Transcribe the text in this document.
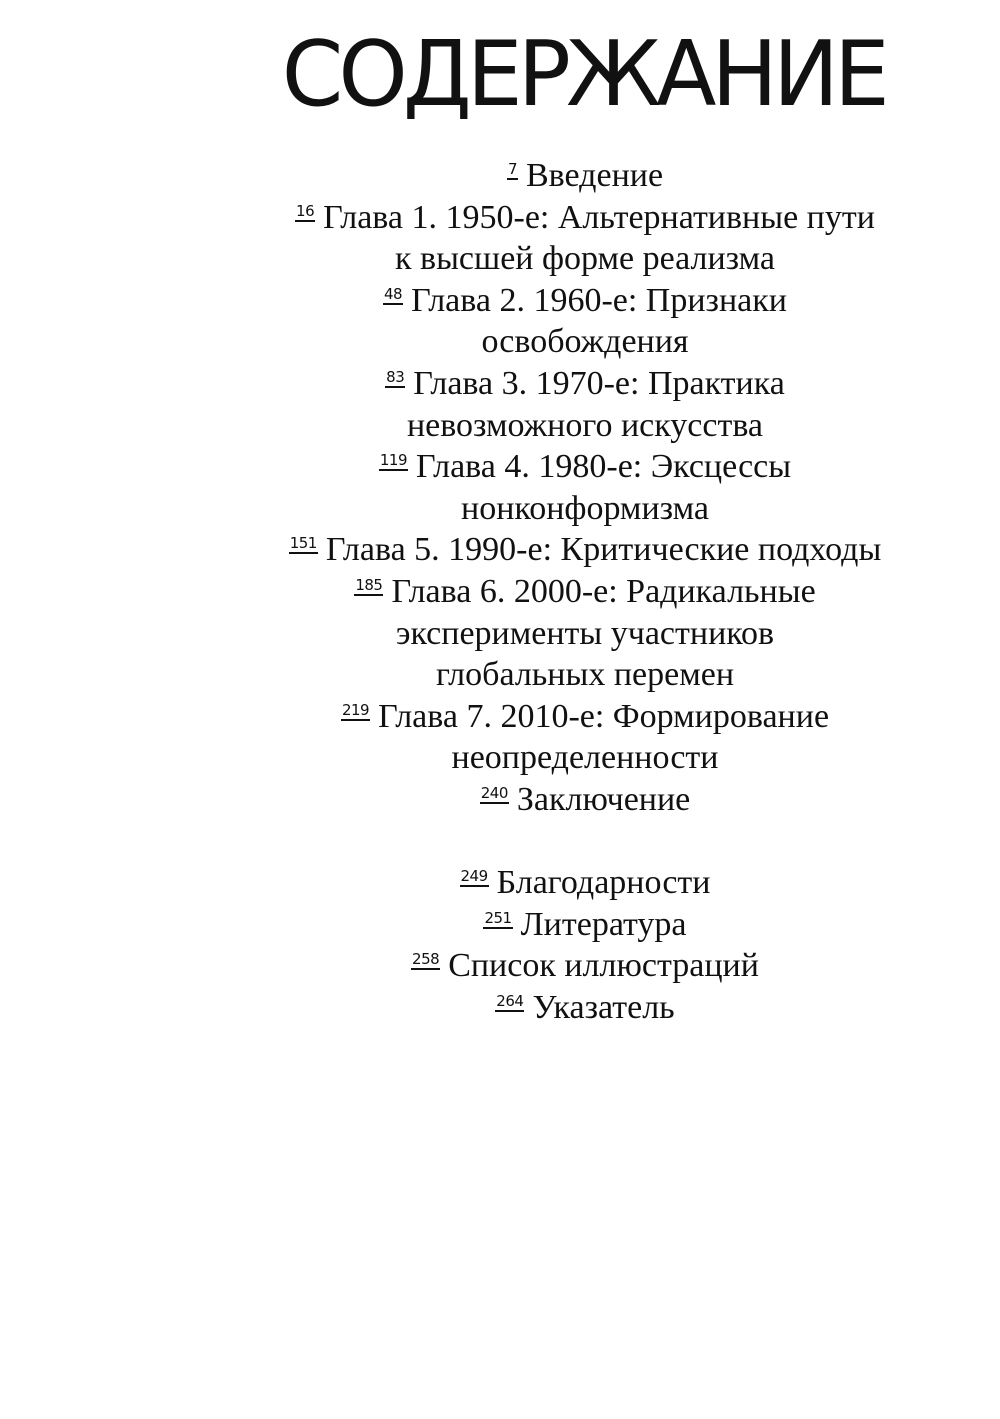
СОДЕРЖАНИЕ
7 Введение
16 Глава 1. 1950-е: Альтернативные пути
к высшей форме реализма
48 Глава 2. 1960-е: Признаки
освобождения
83 Глава 3. 1970-е: Практика
невозможного искусства
119 Глава 4. 1980-е: Эксцессы
нонконформизма
151 Глава 5. 1990-е: Критические подходы
185 Глава 6. 2000-е: Радикальные
эксперименты участников
глобальных перемен
219 Глава 7. 2010-е: Формирование
неопределенности
240 Заключение
249 Благодарности
251 Литература
258 Список иллюстраций
264 Указатель
